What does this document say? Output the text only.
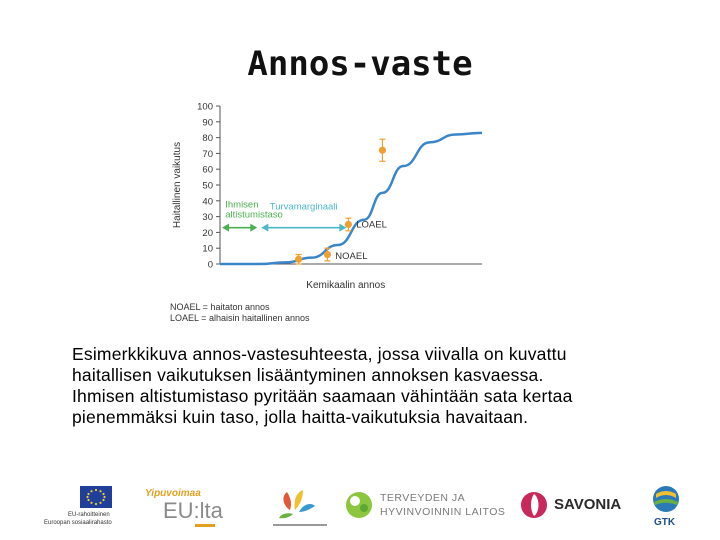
Annos-vaste
0
10
20
30
40
50
60
70
80
90
100
Haitallinen vaikutus
Kemikaalin annos
NOAEL
LOAEL
Ihmisen
altistumistaso
Turvamarginaali
NOAEL = haitaton annos
LOAEL = alhaisin haitallinen annos
Esimerkkikuva annos-vastesuhteesta, jossa viivalla on kuvattu
haitallisen vaikutuksen lisääntyminen annoksen kasvaessa.
Ihmisen altistumistaso pyritään saamaan vähintään sata kertaa
pienemmäksi kuin taso, jolla haitta-vaikutuksia havaitaan.
EU-rahoitteinen
Euroopan sosiaalirahasto
Yipuvoimaa
EU:lta	TERVEYDEN JA
HYVINVOINNIN LAITOS	SAVONIA
GTK
